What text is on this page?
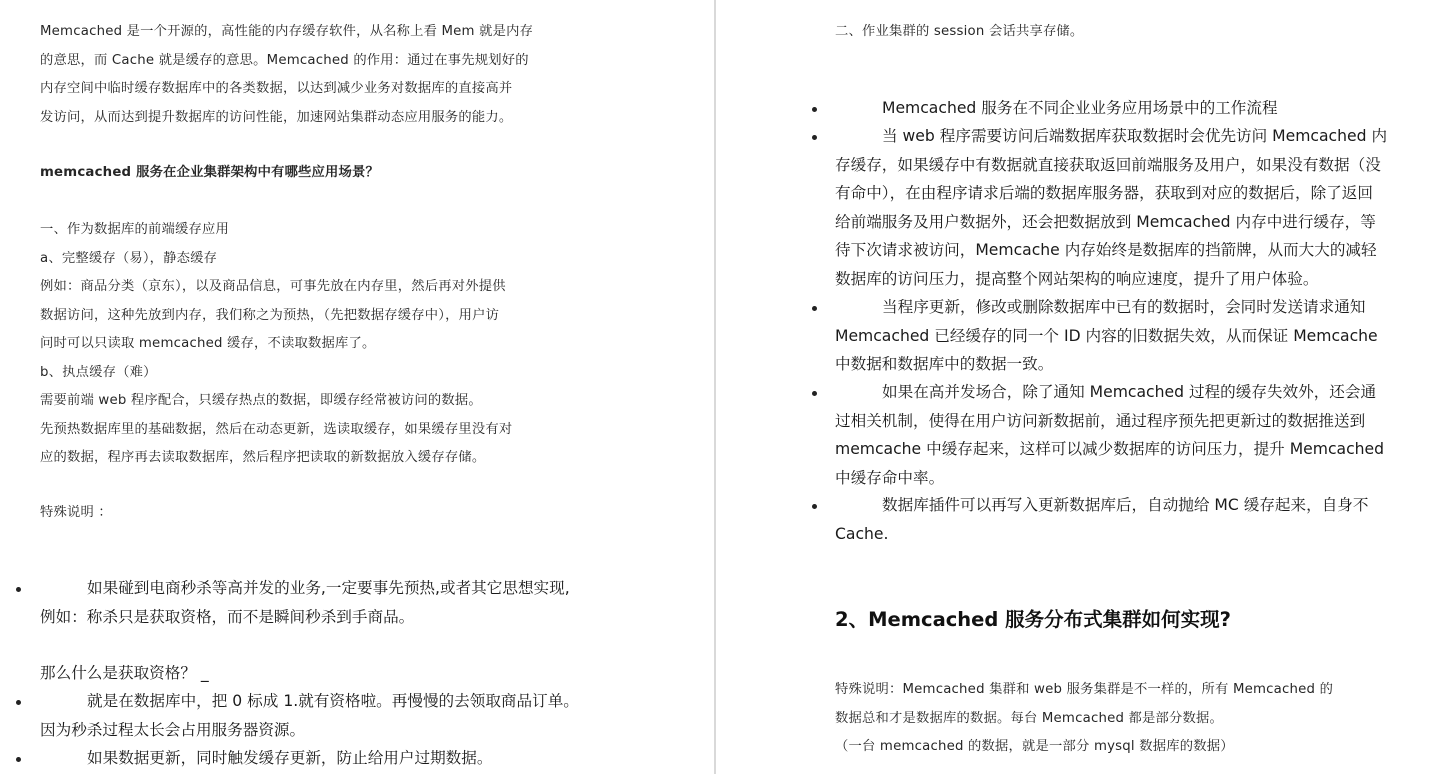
Memcached 是一个开源的，高性能的内存缓存软件，从名称上看 Mem 就是内存
的意思，而 Cache 就是缓存的意思。Memcached 的作用：通过在事先规划好的
内存空间中临时缓存数据库中的各类数据，以达到减少业务对数据库的直接高并
发访问，从而达到提升数据库的访问性能，加速网站集群动态应用服务的能力。
memcached 服务在企业集群架构中有哪些应用场景？
一、作为数据库的前端缓存应用
a、完整缓存（易），静态缓存
例如：商品分类（京东），以及商品信息，可事先放在内存里，然后再对外提供
数据访问，这种先放到内存，我们称之为预热，（先把数据存缓存中），用户访
问时可以只读取 memcached 缓存，不读取数据库了。
b、执点缓存（难）
需要前端 web 程序配合，只缓存热点的数据，即缓存经常被访问的数据。
先预热数据库里的基础数据，然后在动态更新，选读取缓存，如果缓存里没有对
应的数据，程序再去读取数据库，然后程序把读取的新数据放入缓存存储。
特殊说明 ：
如果碰到电商秒杀等高并发的业务,一定要事先预热,或者其它思想实现,
例如：称杀只是获取资格，而不是瞬间秒杀到手商品。
那么什么是获取资格？ _
就是在数据库中，把 0 标成 1.就有资格啦。再慢慢的去领取商品订单。
因为秒杀过程太长会占用服务器资源。
如果数据更新，同时触发缓存更新，防止给用户过期数据。
二、作业集群的 session 会话共享存储。
Memcached 服务在不同企业业务应用场景中的工作流程
当 web 程序需要访问后端数据库获取数据时会优先访问 Memcached 内
存缓存，如果缓存中有数据就直接获取返回前端服务及用户，如果没有数据（没
有命中），在由程序请求后端的数据库服务器，获取到对应的数据后，除了返回
给前端服务及用户数据外，还会把数据放到 Memcached 内存中进行缓存，等
待下次请求被访问，Memcache 内存始终是数据库的挡箭牌，从而大大的减轻
数据库的访问压力，提高整个网站架构的响应速度，提升了用户体验。
当程序更新，修改或删除数据库中已有的数据时，会同时发送请求通知
Memcached 已经缓存的同一个 ID 内容的旧数据失效，从而保证 Memcache
中数据和数据库中的数据一致。
如果在高并发场合，除了通知 Memcached 过程的缓存失效外，还会通
过相关机制，使得在用户访问新数据前，通过程序预先把更新过的数据推送到
memcache 中缓存起来，这样可以减少数据库的访问压力，提升 Memcached
中缓存命中率。
数据库插件可以再写入更新数据库后，自动抛给 MC 缓存起来，自身不
Cache.
2、Memcached 服务分布式集群如何实现?
特殊说明：Memcached 集群和 web 服务集群是不一样的，所有 Memcached 的
数据总和才是数据库的数据。每台 Memcached 都是部分数据。
（一台 memcached 的数据，就是一部分 mysql 数据库的数据）
